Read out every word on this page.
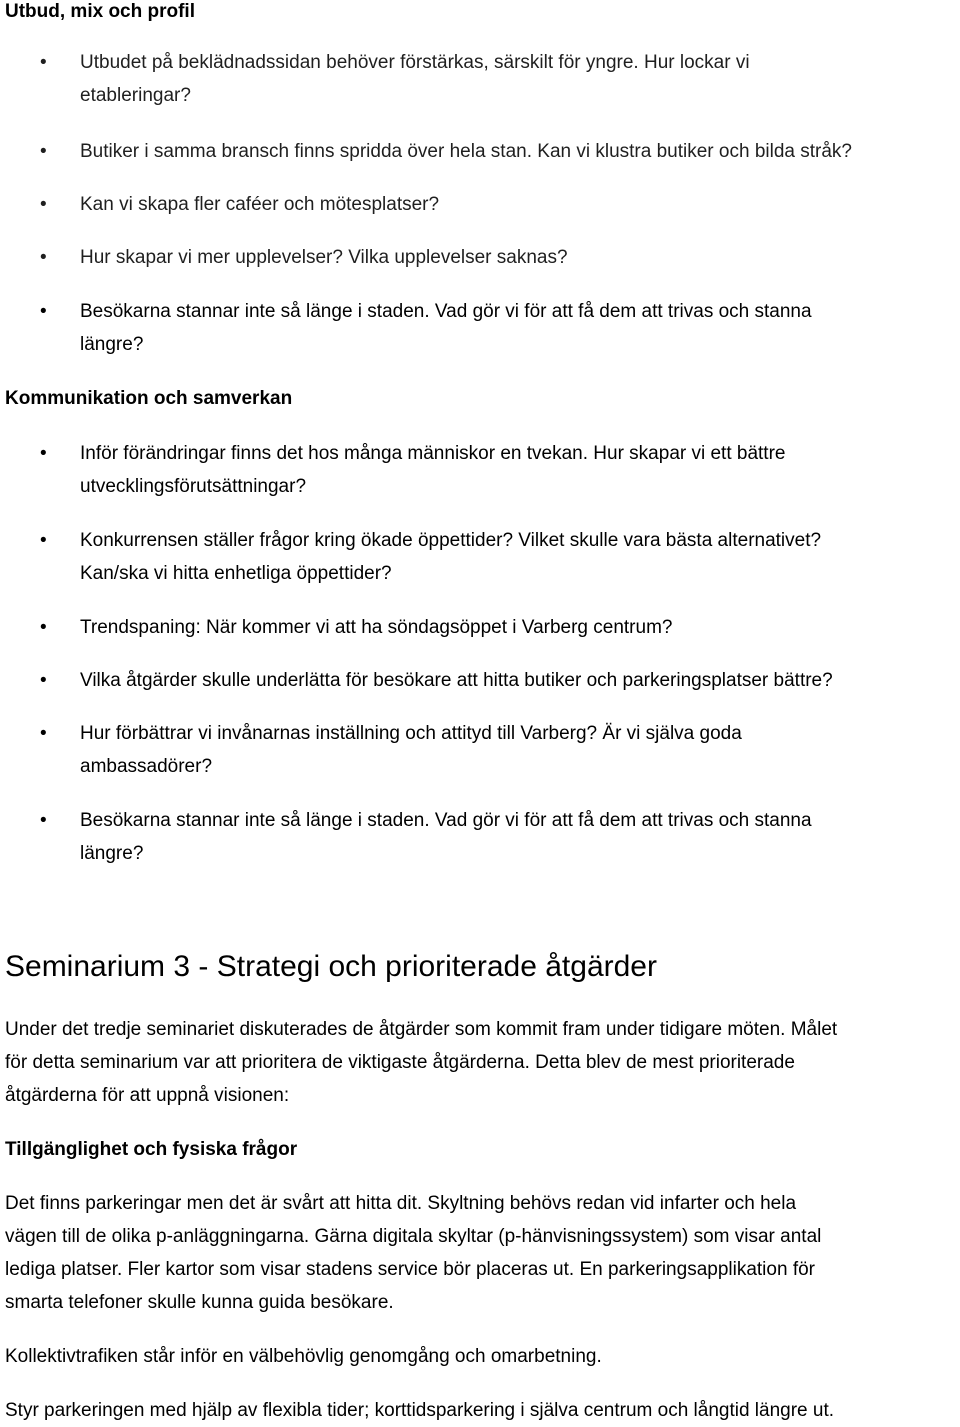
Utbud, mix och profil
• Utbudet på beklädnadssidan behöver förstärkas, särskilt för yngre. Hur lockar vi
etableringar?
• Butiker i samma bransch finns spridda över hela stan. Kan vi klustra butiker och bilda stråk?
• Kan vi skapa fler caféer och mötesplatser?
• Hur skapar vi mer upplevelser? Vilka upplevelser saknas?
• Besökarna stannar inte så länge i staden. Vad gör vi för att få dem att trivas och stanna
längre?
Kommunikation och samverkan
• Inför förändringar finns det hos många människor en tvekan. Hur skapar vi ett bättre
utvecklingsförutsättningar?
• Konkurrensen ställer frågor kring ökade öppettider? Vilket skulle vara bästa alternativet?
Kan/ska vi hitta enhetliga öppettider?
• Trendspaning: När kommer vi att ha söndagsöppet i Varberg centrum?
• Vilka åtgärder skulle underlätta för besökare att hitta butiker och parkeringsplatser bättre?
• Hur förbättrar vi invånarnas inställning och attityd till Varberg? Är vi själva goda
ambassadörer?
• Besökarna stannar inte så länge i staden. Vad gör vi för att få dem att trivas och stanna
längre?
Seminarium 3 - Strategi och prioriterade åtgärder
Under det tredje seminariet diskuterades de åtgärder som kommit fram under tidigare möten. Målet
för detta seminarium var att prioritera de viktigaste åtgärderna. Detta blev de mest prioriterade
åtgärderna för att uppnå visionen:
Tillgänglighet och fysiska frågor
Det finns parkeringar men det är svårt att hitta dit. Skyltning behövs redan vid infarter och hela
vägen till de olika p-anläggningarna. Gärna digitala skyltar (p-hänvisningssystem) som visar antal
lediga platser. Fler kartor som visar stadens service bör placeras ut. En parkeringsapplikation för
smarta telefoner skulle kunna guida besökare.
Kollektivtrafiken står inför en välbehövlig genomgång och omarbetning.
Styr parkeringen med hjälp av flexibla tider; korttidsparkering i själva centrum och långtid längre ut.
